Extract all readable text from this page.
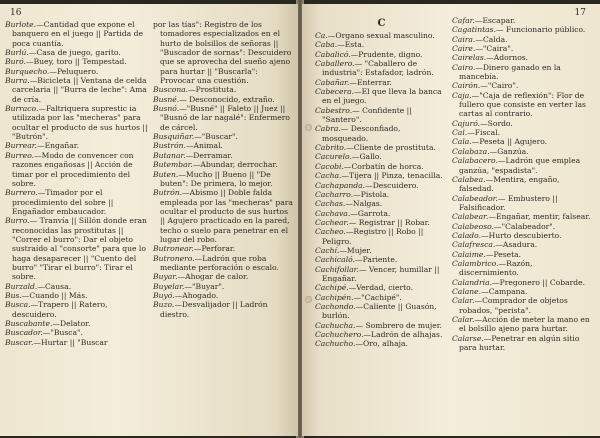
16

Burlote.—Cantidad que expone el banquero en el juego || Partida de poca cuantía.

Burlú.—Casa de juego, garito.

Buró.—Buey, toro || Tempestad.

Burquecho.—Peluquero.

Burra.—Bicicleta || Ventana de celda carcelaria || "Burra de leche": Ama de cría.

Burraco.—Faltriquera suprestic ia utilizada por las "mecheras" para ocultar el producto de sus hurtos || "Butrón".

Burrear.—Engañar.

Burreo.—Modo de convencer con razones engañosas || Acción de timar por el procedimiento del sobre.

Burrero.—Timador por el procedimiento del sobre || Engañador embaucador.

Burro.— Tranvía || Sillón donde eran reconocidas las prostitutas || "Correr el burro": Dar el objeto sustraído al "consorte" para que lo haga desaparecer || "Cuento del burro" "Tirar el burro": Tirar el sobre.

Burzald.—Causa.

Bus.—Cuando || Más.

Busca.—Trapero || Ratero, descuidero.

Buscabante.—Delator.

Buscador.—"Busca".

Buscar.—Hurtar || "Buscar

por las tías": Registro de los tomadores especializados en el hurto de bolsillos de señoras || "Buscador de sornas": Descuidero que se aprovecha del sueño ajeno para hurtar || "Buscarla": Provocar una cuestión.

Buscona.—Prostituta.

Busné.— Desconocido, extraño.

Busnó.—"Busné" || Faleto || Juez || "Busnó de lar nagalé": Enfermero de cárcel.

Busquiñar.—"Buscar".

Bustrón.—Animal.

Butanar.—Derramar.

Butembar.—Abundar, derrochar.

Buten.—Mucho || Bueno || "De buten": De primera, lo mejor.

Butrón.—Abismo || Doble falda empleada por las "mecheras" para ocultar el producto de sus hurtos || Agujero practicado en la pared, techo o suelo para penetrar en el lugar del robo.

Butronear.—Perforar.

Butronero.—Ladrón que roba mediante perforación o escalo.

Buyar.—Ahogar de calor.

Buyelar.—"Buyar".

Buyó.—Ahogado.

Buzo.—Desvalijador || Ladrón diestro.

17
C

Ca.—Organo sexual masculino.

Caba.—Esta.

Cabalicó.—Prudente, digno.

Caballero.— "Caballero de industria": Estafador, ladrón.

Cabañar.—Enterrar.

Cabecera.—El que lleva la banca en el juego.

Cabestro.— Confidente || "Santero".

Cabra.— Desconfiado, mosqueado.

Cabrito.—Cliente de prostituta.

Cacurelo.—Gallo.

Cacobi.—Corbatín de horca.

Cacha.—Tijera || Pinza, tenacilla.

Cachapanda.—Descuidero.

Cacharro.—Pistola.

Cachas.—Nalgas.

Cachava.—Garrota.

Cachear.— Registrar || Robar.

Cacheo.—Registro || Robo || Peligro.

Cachí.—Mujer.

Cachicaló.—Pariente.

Cachifollar.— Vencer, humillar || Engañar.

Cachipé.—Verdad, cierto.

Cachipén.—"Cachipé".

Cachondo.—Caliente || Guasón, burlón.

Cachucha.— Sombrero de mujer.

Cachuchero.—Ladrón de alhajas.

Cachucho.—Oro, alhaja.

Cafar.—Escapar.

Cagatintas.— Funcionario público.

Caira.—Calda.

Caire.—"Caira".

Cairelas.—Adornos.

Cairo.—Dinero ganado en la mancebía.

Cairón.—"Cairo".

Caja.—"Caja de reflexión": Flor de fullero que consiste en verter las cartas al contrario.

Cajuró.—Sordo.

Cal.—Fiscal.

Cala.—Peseta || Agujero.

Calabaza.—Ganzúa.

Calabacero.—Ladrón que emplea ganzúa, "espadista".

Calabea.—Mentira, engaño, falsedad.

Calabeador.— Embustero || Falsificador.

Calabear.—Engañar, mentir, falsear.

Calabeoso.—"Calabeador".

Calado.—Hurto descubierto.

Calafresca.—Asadura.

Calaime.—Peseta.

Calambrico.—Razón, discernimiento.

Calandria.—Pregonero || Cobarde.

Calane.—Campana.

Calar.—Comprador de objetos robados, "perista".

Calar.—Acción de meter la mano en el bolsillo ajeno para hurtar.

Calarse.—Penetrar en algún sitio para hurtar.
